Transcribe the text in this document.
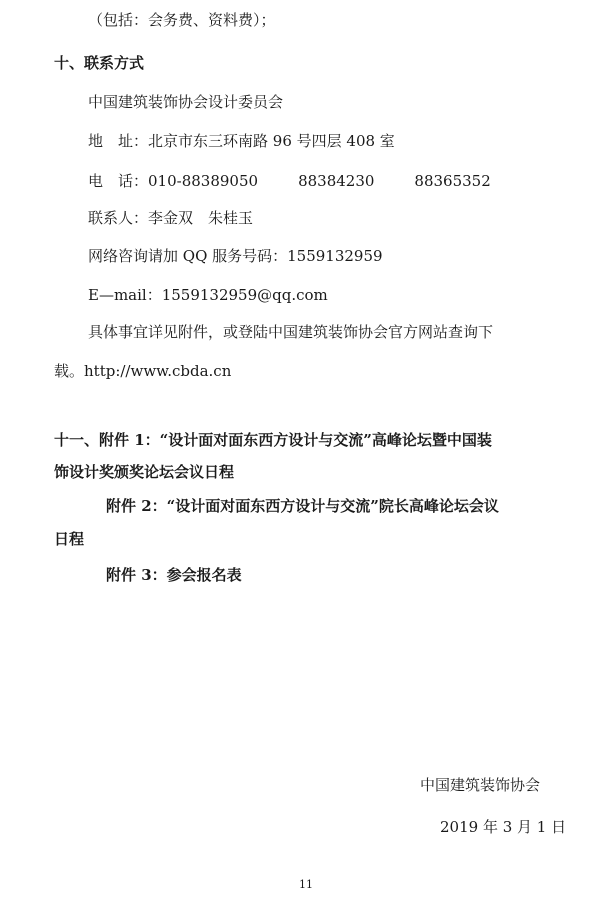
（包括：会务费、资料费）；
十、联系方式
中国建筑装饰协会设计委员会
地　址：北京市东三环南路 96 号四层 408 室
电　话：010-88389050	88384230	88365352
联系人：李金双　朱桂玉
网络咨询请加 QQ 服务号码：1559132959
E—mail：1559132959@qq.com
具体事宜详见附件，或登陆中国建筑装饰协会官方网站查询下
载。http://www.cbda.cn
十一、附件 1：“设计面对面东西方设计与交流”高峰论坛暨中国装
饰设计奖颁奖论坛会议日程
附件 2：“设计面对面东西方设计与交流”院长高峰论坛会议
日程
附件 3：参会报名表
中国建筑装饰协会
2019 年 3 月 1 日
11
